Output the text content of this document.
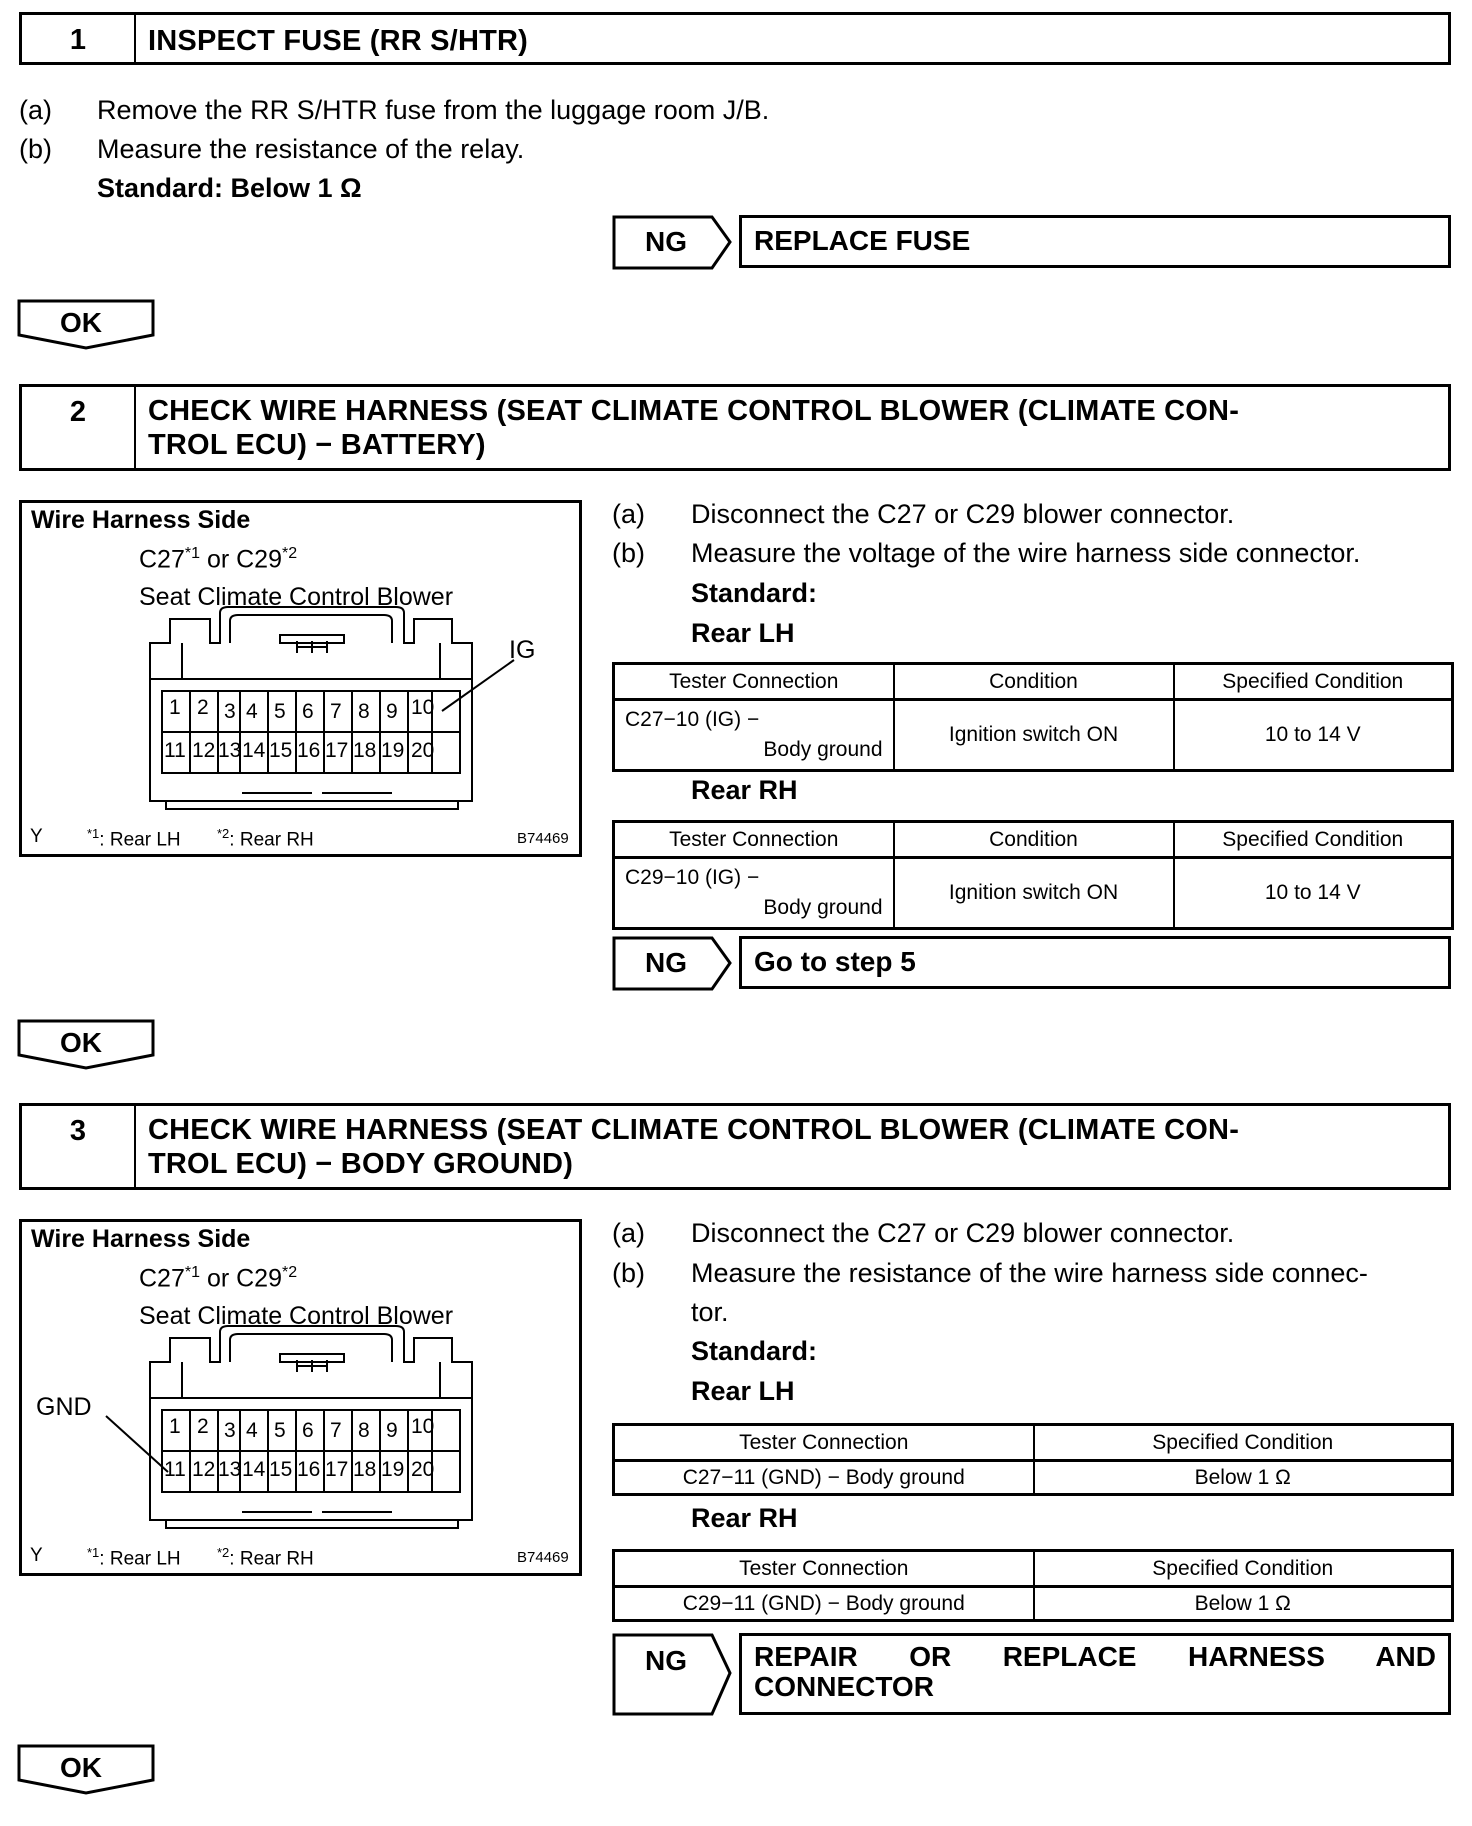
1	INSPECT FUSE (RR S/HTR)
(a) Remove the RR S/HTR fuse from the luggage room J/B.
(b) Measure the resistance of the relay.
Standard: Below 1 Ω
NG	REPLACE FUSE
OK
2	CHECK WIRE HARNESS (SEAT CLIMATE CONTROL BLOWER (CLIMATE CON-
TROL ECU) − BATTERY)
Wire Harness Side
C27$^{*1}$ or C29$^{*2}$
Seat Climate Control Blower
IG
1 2 3 4 5 6 7 8 9 10
11 12 13 14 15 16 17 18 19 20
Y	$^{*1}$: Rear LH	$^{*2}$: Rear RH	B74469
(a) Disconnect the C27 or C29 blower connector.
(b) Measure the voltage of the wire harness side connector.
Standard:
Rear LH
Tester Connection	Condition	Specified Condition

C27−10 (IG) −
Body ground	Ignition switch ON	10 to 14 V
Rear RH
Tester Connection	Condition	Specified Condition

C29−10 (IG) −
Body ground	Ignition switch ON	10 to 14 V
NG	Go to step 5
OK
3	CHECK WIRE HARNESS (SEAT CLIMATE CONTROL BLOWER (CLIMATE CON-
TROL ECU) − BODY GROUND)
Wire Harness Side
C27$^{*1}$ or C29$^{*2}$
Seat Climate Control Blower
GND
1 2 3 4 5 6 7 8 9 10
11 12 13 14 15 16 17 18 19 20
Y	$^{*1}$: Rear LH	$^{*2}$: Rear RH	B74469
(a) Disconnect the C27 or C29 blower connector.
(b) Measure the resistance of the wire harness side connec-
tor.
Standard:
Rear LH
Tester Connection	Specified Condition
C27−11 (GND) − Body ground	Below 1 Ω
Rear RH
Tester Connection	Specified Condition
C29−11 (GND) − Body ground	Below 1 Ω
NG REPAIR OR REPLACE HARNESS AND
CONNECTOR
OK
